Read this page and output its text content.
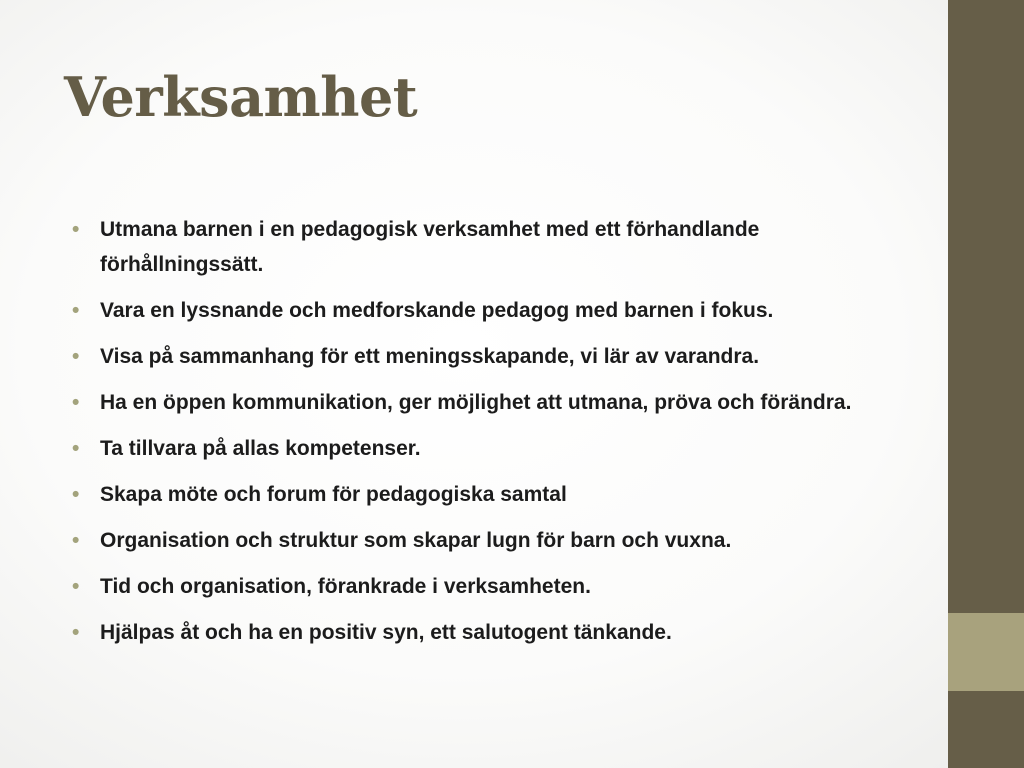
Verksamhet
• Utmana barnen i en pedagogisk verksamhet med ett förhandlande förhållningssätt.
• Vara en lyssnande och medforskande pedagog med barnen i fokus.
• Visa på sammanhang för ett meningsskapande, vi lär av varandra.
• Ha en öppen kommunikation, ger möjlighet att utmana, pröva och förändra.
• Ta tillvara på allas kompetenser.
• Skapa möte och forum för pedagogiska samtal
• Organisation och struktur som skapar lugn för barn och vuxna.
• Tid och organisation, förankrade i verksamheten.
• Hjälpas åt och ha en positiv syn, ett salutogent tänkande.
